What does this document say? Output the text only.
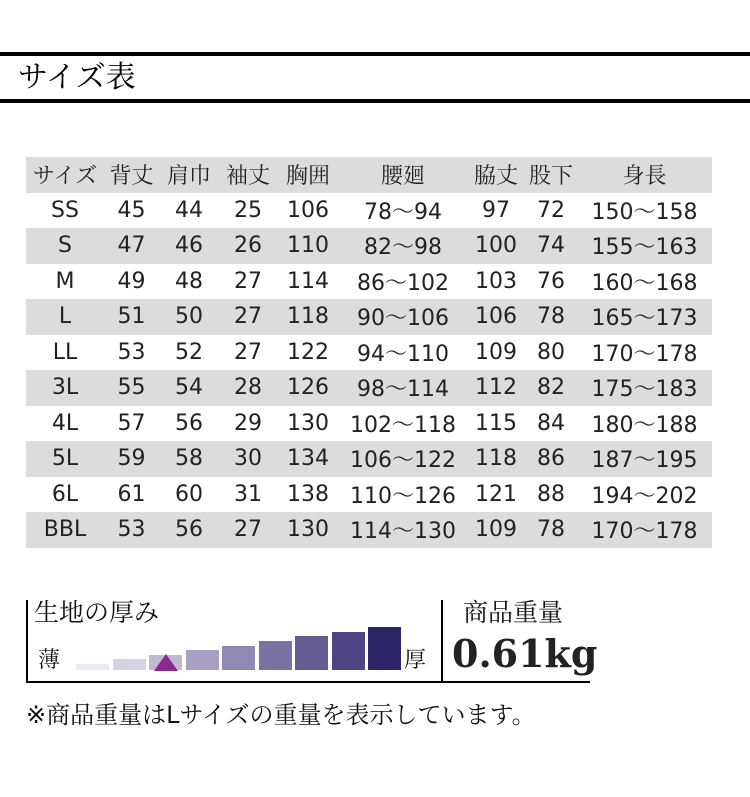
サイズ表
サイズ	背丈	肩巾	袖丈	胸囲	腰廻	脇丈	股下	身長
SS	45	44	25	106	78～94	97	72	150～158
S	47	46	26	110	82～98	100	74	155～163
M	49	48	27	114	86～102	103	76	160～168
L	51	50	27	118	90～106	106	78	165～173
LL	53	52	27	122	94～110	109	80	170～178
3L	55	54	28	126	98～114	112	82	175～183
4L	57	56	29	130	102～118	115	84	180～188
5L	59	58	30	134	106～122	118	86	187～195
6L	61	60	31	138	110～126	121	88	194～202
BBL	53	56	27	130	114～130	109	78	170～178
生地の厚み
薄	厚
商品重量
0.61kg
※商品重量はLサイズの重量を表示しています。
